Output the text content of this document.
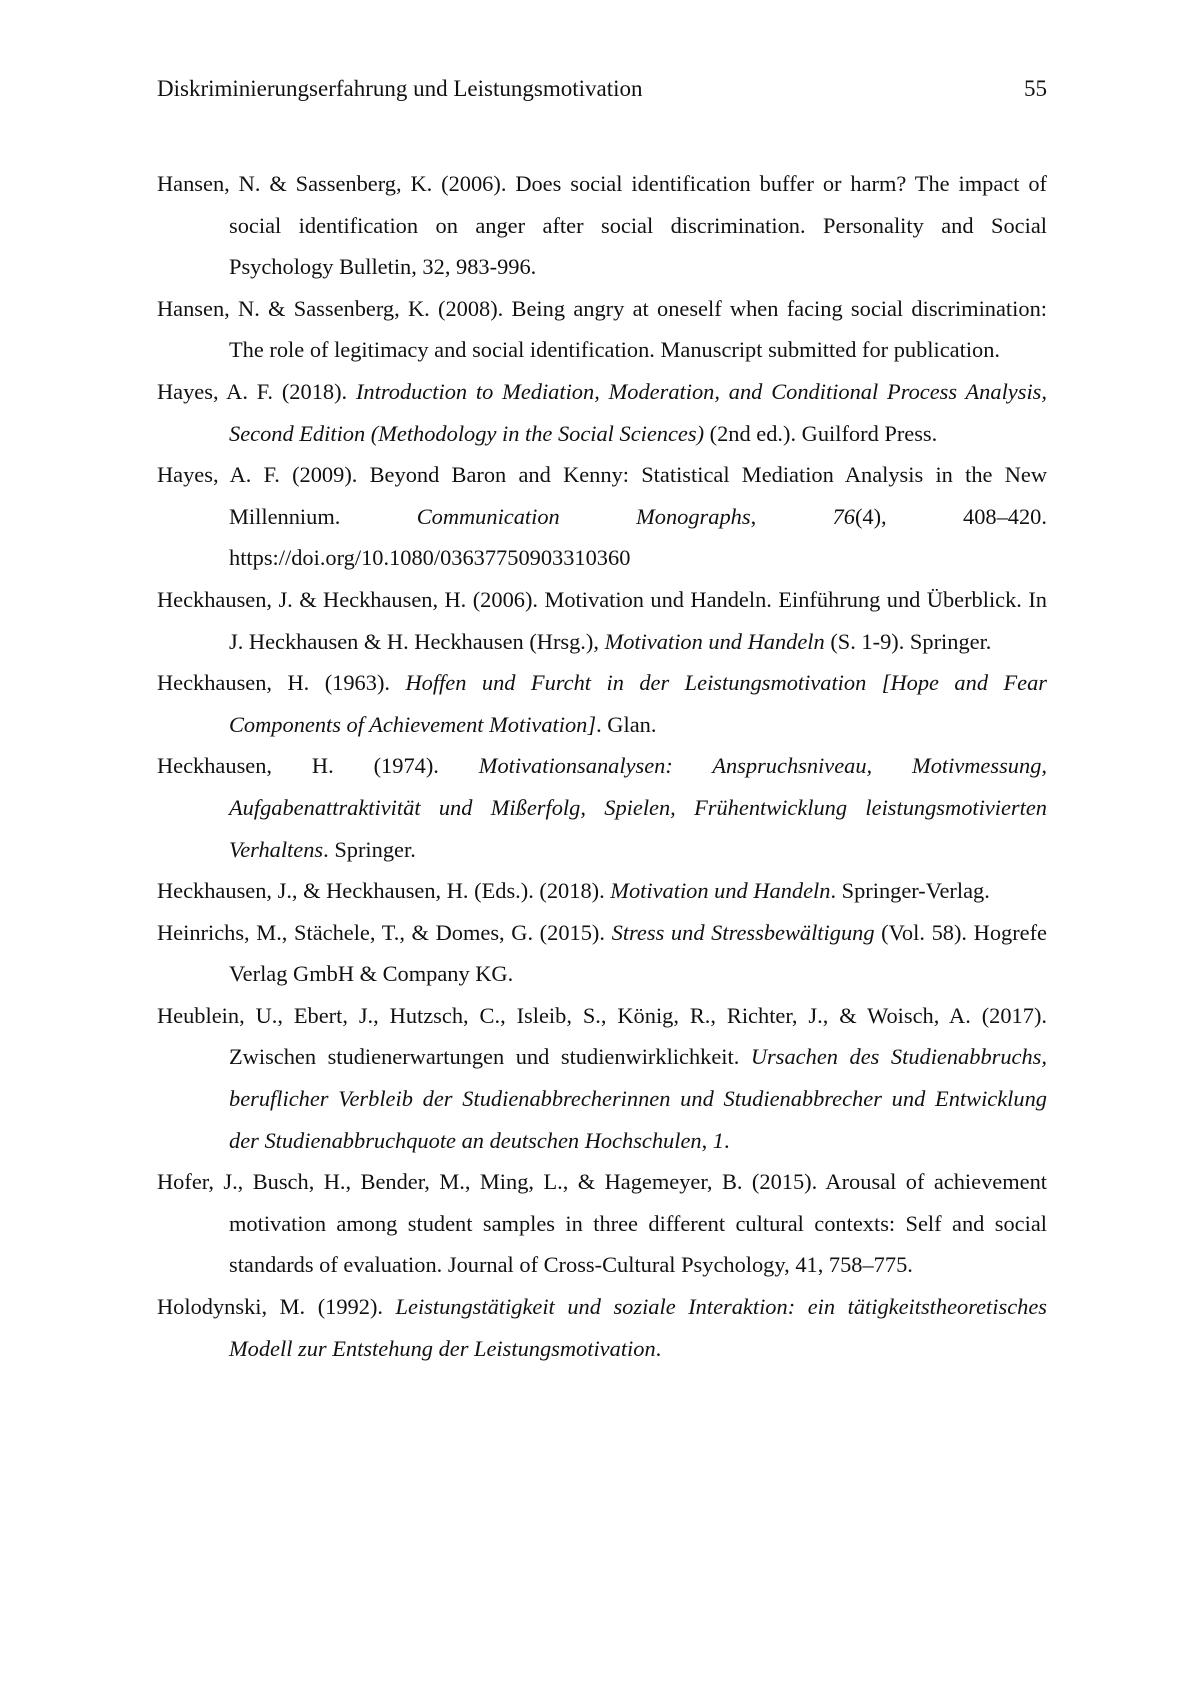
Diskriminierungserfahrung und Leistungsmotivation	55

Hansen, N. & Sassenberg, K. (2006). Does social identification buffer or harm? The impact of social identification on anger after social discrimination. Personality and Social Psychology Bulletin, 32, 983-996.

Hansen, N. & Sassenberg, K. (2008). Being angry at oneself when facing social discrimination: The role of legitimacy and social identification. Manuscript submitted for publication.

Hayes, A. F. (2018). Introduction to Mediation, Moderation, and Conditional Process Analysis, Second Edition (Methodology in the Social Sciences) (2nd ed.). Guilford Press.

Hayes, A. F. (2009). Beyond Baron and Kenny: Statistical Mediation Analysis in the New Millennium. Communication Monographs, 76(4), 408–420. https://doi.org/10.1080/03637750903310360

Heckhausen, J. & Heckhausen, H. (2006). Motivation und Handeln. Einführung und Überblick. In J. Heckhausen & H. Heckhausen (Hrsg.), Motivation und Handeln (S. 1-9). Springer.

Heckhausen, H. (1963). Hoffen und Furcht in der Leistungsmotivation [Hope and Fear Components of Achievement Motivation]. Glan.

Heckhausen, H. (1974). Motivationsanalysen: Anspruchsniveau, Motivmessung, Aufgabenattraktivität und Mißerfolg, Spielen, Frühentwicklung leistungsmotivierten Verhaltens. Springer.

Heckhausen, J., & Heckhausen, H. (Eds.). (2018). Motivation und Handeln. Springer-Verlag.

Heinrichs, M., Stächele, T., & Domes, G. (2015). Stress und Stressbewältigung (Vol. 58). Hogrefe Verlag GmbH & Company KG.

Heublein, U., Ebert, J., Hutzsch, C., Isleib, S., König, R., Richter, J., & Woisch, A. (2017). Zwischen studienerwartungen und studienwirklichkeit. Ursachen des Studienabbruchs, beruflicher Verbleib der Studienabbrecherinnen und Studienabbrecher und Entwicklung der Studienabbruchquote an deutschen Hochschulen, 1.

Hofer, J., Busch, H., Bender, M., Ming, L., & Hagemeyer, B. (2015). Arousal of achievement motivation among student samples in three different cultural contexts: Self and social standards of evaluation. Journal of Cross-Cultural Psychology, 41, 758–775.

Holodynski, M. (1992). Leistungstätigkeit und soziale Interaktion: ein tätigkeitstheoretisches Modell zur Entstehung der Leistungsmotivation.
